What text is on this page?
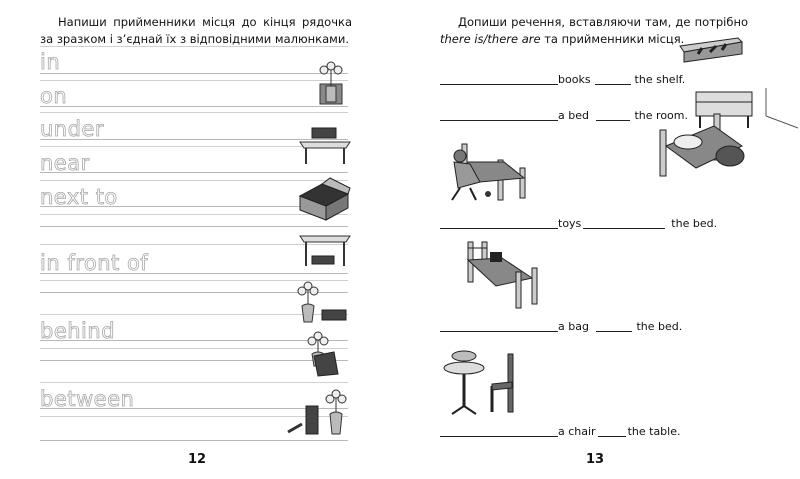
Напиши прийменники місця до кінця рядочка за зразком і з’єднай їх з відповідними малюнками.
in
on
under
near
next to
in front of
behind
between
12
Допиши речення, вставляючи там, де потрібно there is/there are та прийменники місця.
books	the shelf.
a bed	the room.
toys	the bed.
a bag	the bed.
a chair	the table.
13
